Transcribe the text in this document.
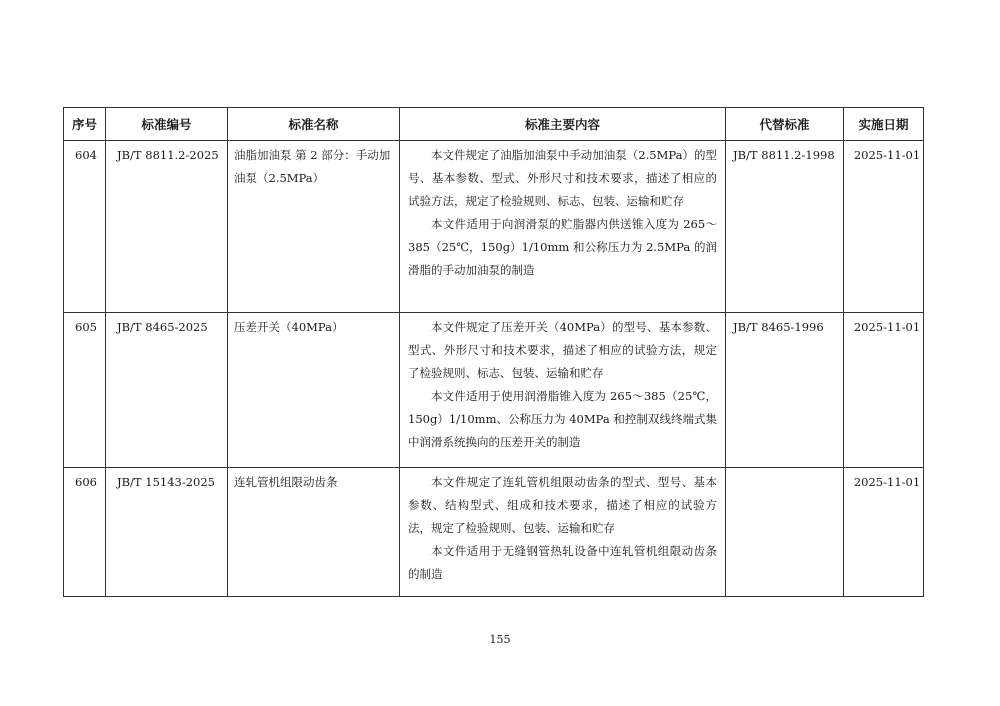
序号	标准编号	标准名称	标准主要内容	代替标准	实施日期
604	JB/T 8811.2-2025	油脂加油泵 第 2 部分：手动加油泵（2.5MPa）	本文件规定了油脂加油泵中手动加油泵（2.5MPa）的型号、基本参数、型式、外形尺寸和技术要求，描述了相应的试验方法，规定了检验规则、标志、包装、运输和贮存
本文件适用于向润滑泵的贮脂器内供送锥入度为 265～385（25℃，150g）1/10mm 和公称压力为 2.5MPa 的润滑脂的手动加油泵的制造	JB/T 8811.2-1998	2025-11-01
605	JB/T 8465-2025	压差开关（40MPa）	本文件规定了压差开关（40MPa）的型号、基本参数、型式、外形尺寸和技术要求，描述了相应的试验方法，规定了检验规则、标志、包装、运输和贮存
本文件适用于使用润滑脂锥入度为 265～385（25℃，150g）1/10mm、公称压力为 40MPa 和控制双线终端式集中润滑系统换向的压差开关的制造	JB/T 8465-1996	2025-11-01
606	JB/T 15143-2025	连轧管机组限动齿条	本文件规定了连轧管机组限动齿条的型式、型号、基本参数、结构型式、组成和技术要求，描述了相应的试验方法，规定了检验规则、包装、运输和贮存
本文件适用于无缝钢管热轧设备中连轧管机组限动齿条的制造		2025-11-01
155
